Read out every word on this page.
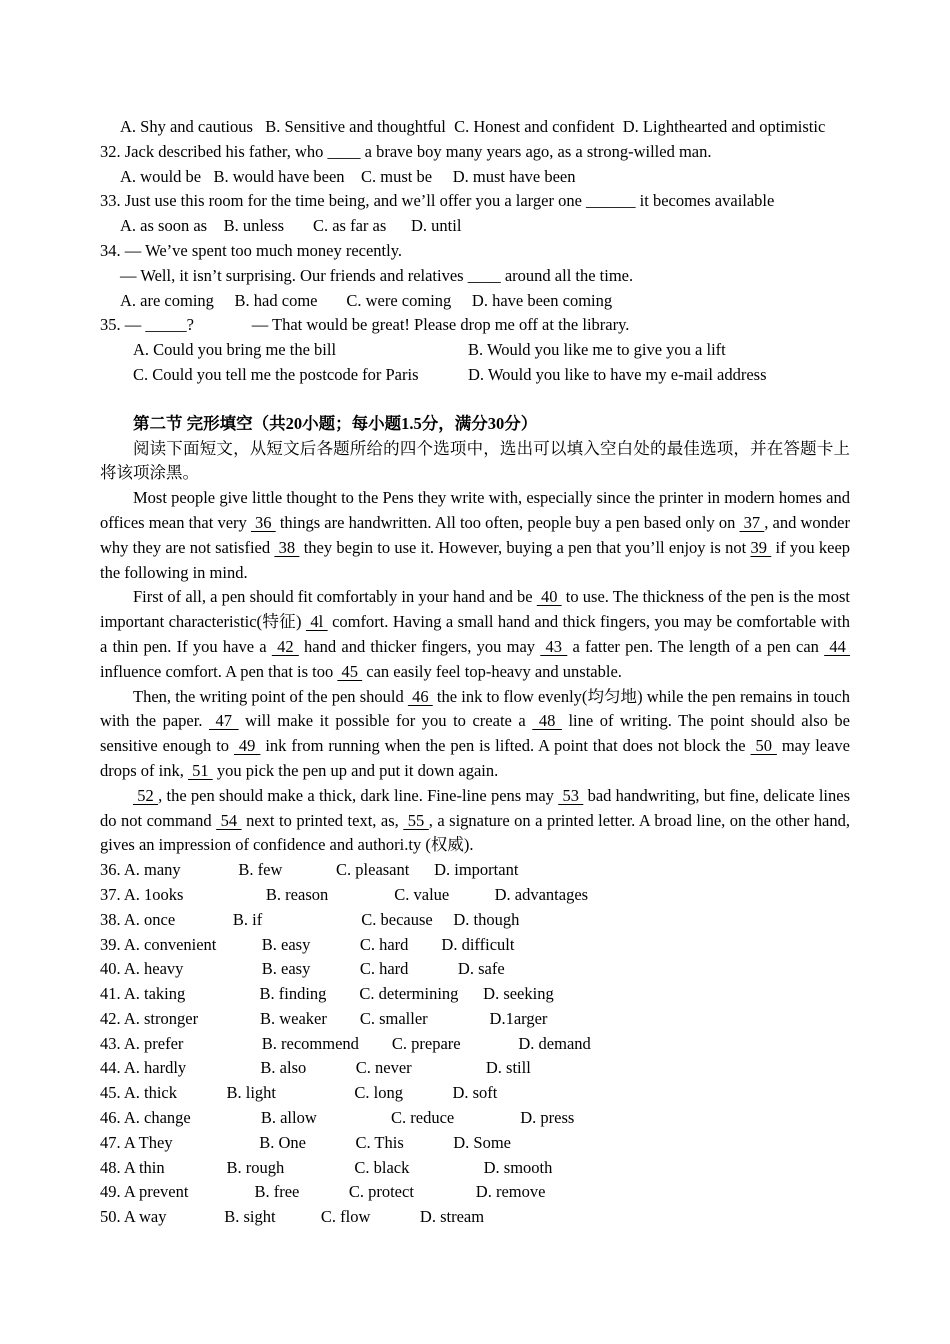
A. Shy and cautious   B. Sensitive and thoughtful  C. Honest and confident  D. Lighthearted and optimistic
32. Jack described his father, who ____ a brave boy many years ago, as a strong-willed man.
A. would be   B. would have been    C. must be     D. must have been
33. Just use this room for the time being, and we’ll offer you a larger one ______ it becomes available
A. as soon as    B. unless       C. as far as      D. until
34. — We’ve spent too much money recently.
— Well, it isn’t surprising. Our friends and relatives ____ around all the time.
A. are coming     B. had come       C. were coming     D. have been coming
35. — _____?              — That would be great! Please drop me off at the library.
A. Could you bring me the bill	B. Would you like me to give you a lift
C. Could you tell me the postcode for Paris	D. Would you like to have my e-mail address
第二节 完形填空（共20小题；每小题1.5分，满分30分）
阅读下面短文，从短文后各题所给的四个选项中，选出可以填入空白处的最佳选项，并在答题卡上将该项涂黑。
Most people give little thought to the Pens they write with, especially since the printer in modern homes and offices mean that very  36  things are handwritten. All too often, people buy a pen based only on  37 , and wonder why they are not satisfied  38  they begin to use it. However, buying a pen that you’ll enjoy is not 39  if you keep the following in mind.
First of all, a pen should fit comfortably in your hand and be  40  to use. The thickness of the pen is the most important characteristic(特征)  4l  comfort. Having a small hand and thick fingers, you may be comfortable with a thin pen. If you have a  42  hand and thicker fingers, you may  43  a fatter pen. The length of a pen can  44  influence comfort. A pen that is too  45  can easily feel top-heavy and unstable.
Then, the writing point of the pen should  46  the ink to flow evenly(均匀地) while the pen remains in touch with the paper.  47  will make it possible for you to create a  48  line of writing. The point should also be sensitive enough to  49  ink from running when the pen is lifted. A point that does not block the  50  may leave drops of ink,  51  you pick the pen up and put it down again.
52 , the pen should make a thick, dark line. Fine-line pens may  53  bad handwriting, but fine, delicate lines do not command  54  next to printed text, as,  55 , a signature on a printed letter. A broad line, on the other hand, gives an impression of confidence and authori.ty (权威).
36. A. many              B. few             C. pleasant      D. important
37. A. 1ooks                    B. reason                C. value           D. advantages
38. A. once              B. if                        C. because     D. though
39. A. convenient           B. easy            C. hard        D. difficult
40. A. heavy                   B. easy            C. hard            D. safe
41. A. taking                  B. finding        C. determining      D. seeking
42. A. stronger               B. weaker        C. smaller               D.1arger
43. A. prefer                   B. recommend        C. prepare              D. demand
44. A. hardly                  B. also            C. never                  D. still
45. A. thick            B. light                   C. long            D. soft
46. A. change                 B. allow                  C. reduce                D. press
47. A They                     B. One            C. This            D. Some
48. A thin               B. rough                 C. black                  D. smooth
49. A prevent                B. free            C. protect               D. remove
50. A way              B. sight           C. flow            D. stream
